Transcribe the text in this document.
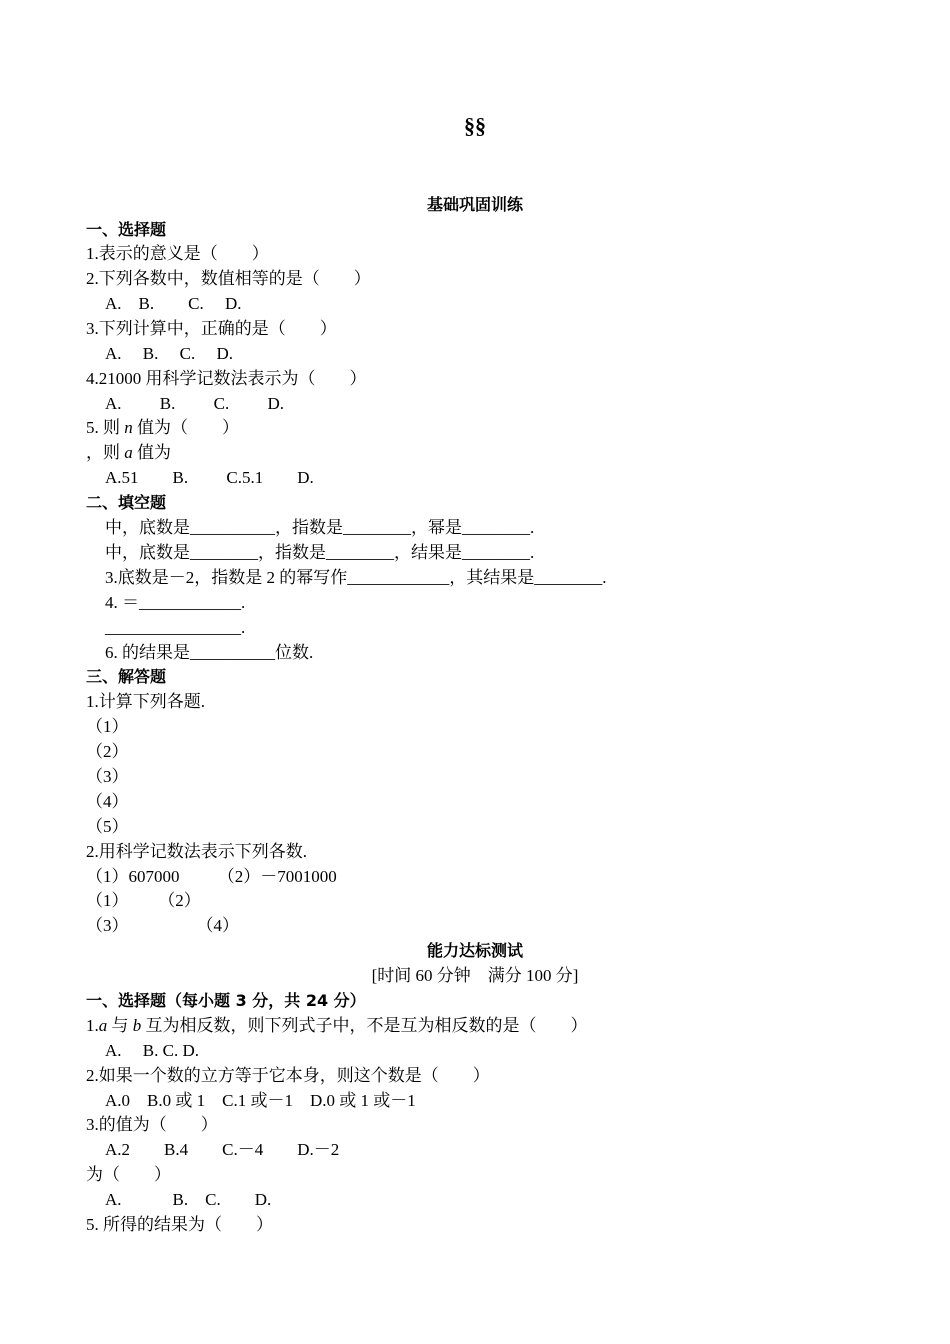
§§
基础巩固训练
一、选择题
1.表示的意义是（　　）
2.下列各数中，数值相等的是（　　）
A.　B.　　C.　 D.
3.下列计算中，正确的是（　　）
A.　 B.　 C.　 D.
4.21000 用科学记数法表示为（　　）
A.　　 B.　　 C.　　 D.
5. 则 n 值为（　　）
，则 a 值为
A.51　　B.　　 C.5.1　　D.
二、填空题
中，底数是__________，指数是________，幂是________.
中，底数是________，指数是________，结果是________.
3.底数是－2，指数是 2 的幂写作____________，其结果是________.
4. ＝____________.
________________.
6. 的结果是__________位数.
三、解答题
1.计算下列各题.
（1）
（2）
（3）
（4）
（5）
2.用科学记数法表示下列各数.
（1）607000　　 （2）－7001000
（1）　　 （2）
（3）　　　　　（4）
能力达标测试
[时间 60 分钟　满分 100 分]
一、选择题（每小题 3 分，共 24 分）
1.a 与 b 互为相反数，则下列式子中，不是互为相反数的是（　　）
A.　 B. C. D.
2.如果一个数的立方等于它本身，则这个数是（　　）
A.0　B.0 或 1　C.1 或－1　D.0 或 1 或－1
3.的值为（　　）
A.2　　B.4　　C.－4　　D.－2
为（　　）
A.　　　B.　C.　　D.
5. 所得的结果为（　　）
